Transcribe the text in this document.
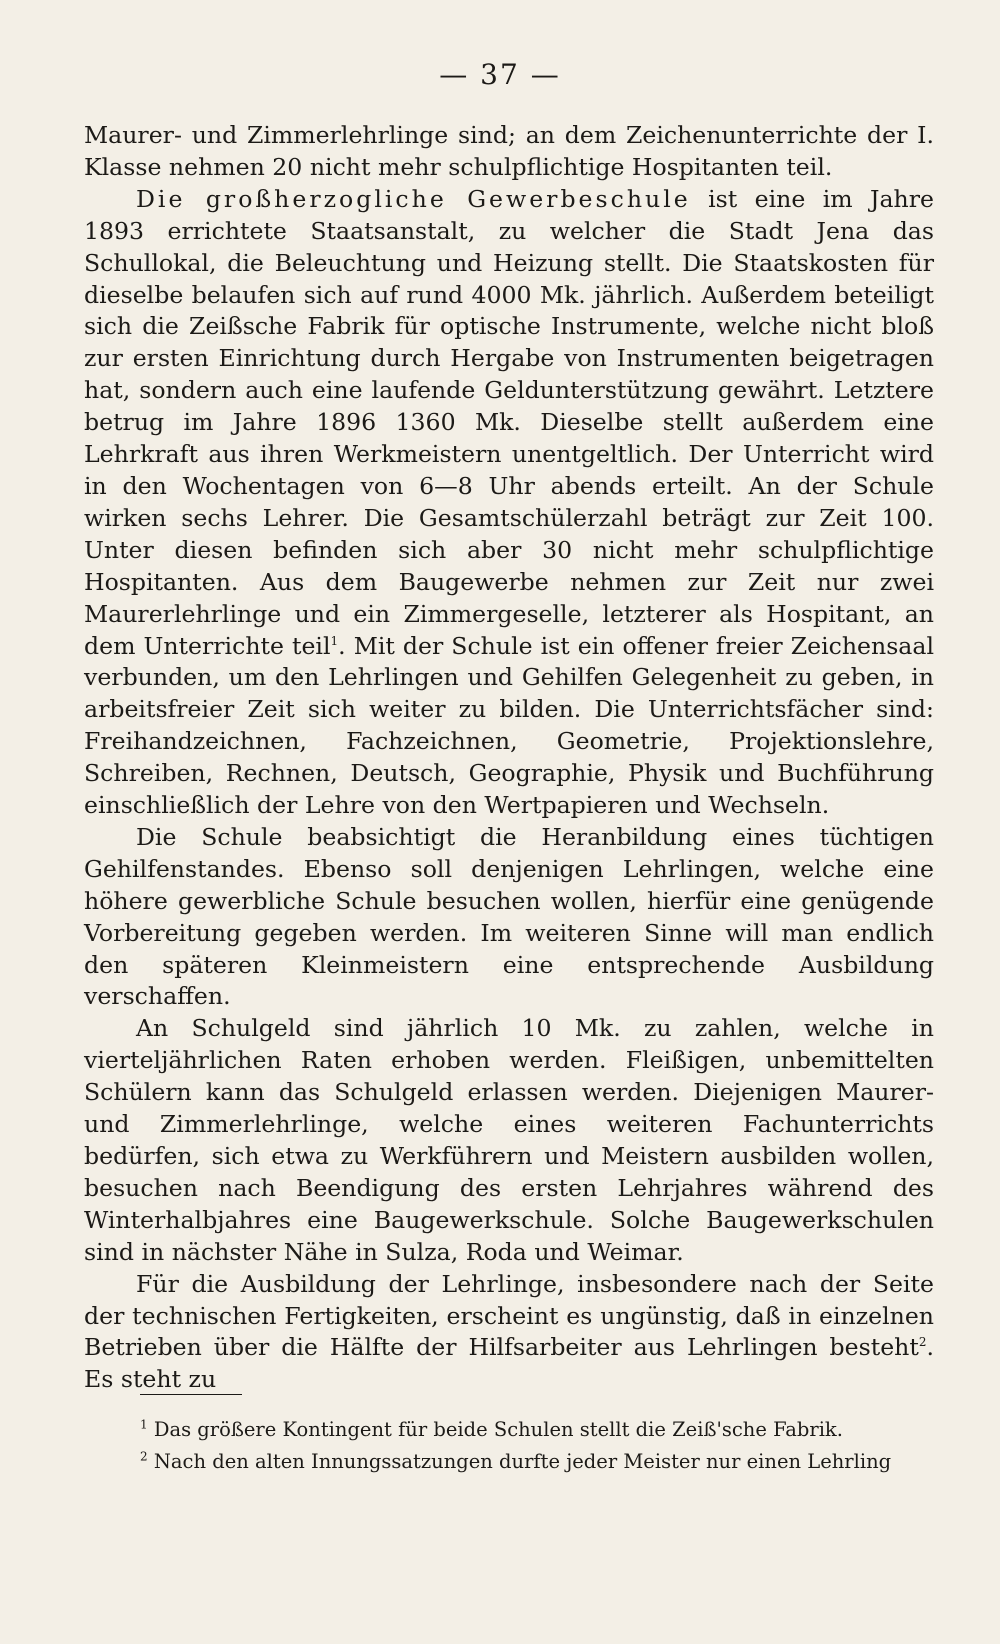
— 37 —

Maurer- und Zimmerlehrlinge sind; an dem Zeichenunterrichte der I. Klasse nehmen 20 nicht mehr schulpflichtige Hospitanten teil.

Die großherzogliche Gewerbeschule ist eine im Jahre 1893 errichtete Staatsanstalt, zu welcher die Stadt Jena das Schullokal, die Beleuchtung und Heizung stellt. Die Staatskosten für dieselbe belaufen sich auf rund 4000 Mk. jährlich. Außerdem beteiligt sich die Zeißsche Fabrik für optische Instrumente, welche nicht bloß zur ersten Einrichtung durch Hergabe von Instrumenten beigetragen hat, sondern auch eine laufende Geldunterstützung gewährt. Letztere betrug im Jahre 1896 1360 Mk. Dieselbe stellt außerdem eine Lehrkraft aus ihren Werkmeistern unentgeltlich. Der Unterricht wird in den Wochentagen von 6—8 Uhr abends erteilt. An der Schule wirken sechs Lehrer. Die Gesamtschülerzahl beträgt zur Zeit 100. Unter diesen befinden sich aber 30 nicht mehr schulpflichtige Hospitanten. Aus dem Baugewerbe nehmen zur Zeit nur zwei Maurerlehrlinge und ein Zimmergeselle, letzterer als Hospitant, an dem Unterrichte teil$^1$. Mit der Schule ist ein offener freier Zeichensaal verbunden, um den Lehrlingen und Gehilfen Gelegenheit zu geben, in arbeitsfreier Zeit sich weiter zu bilden. Die Unterrichtsfächer sind: Freihandzeichnen, Fachzeichnen, Geometrie, Projektionslehre, Schreiben, Rechnen, Deutsch, Geographie, Physik und Buchführung einschließlich der Lehre von den Wertpapieren und Wechseln.

Die Schule beabsichtigt die Heranbildung eines tüchtigen Gehilfenstandes. Ebenso soll denjenigen Lehrlingen, welche eine höhere gewerbliche Schule besuchen wollen, hierfür eine genügende Vorbereitung gegeben werden. Im weiteren Sinne will man endlich den späteren Kleinmeistern eine entsprechende Ausbildung verschaffen.

An Schulgeld sind jährlich 10 Mk. zu zahlen, welche in vierteljährlichen Raten erhoben werden. Fleißigen, unbemittelten Schülern kann das Schulgeld erlassen werden. Diejenigen Maurer- und Zimmerlehrlinge, welche eines weiteren Fachunterrichts bedürfen, sich etwa zu Werkführern und Meistern ausbilden wollen, besuchen nach Beendigung des ersten Lehrjahres während des Winterhalbjahres eine Baugewerkschule. Solche Baugewerkschulen sind in nächster Nähe in Sulza, Roda und Weimar.

Für die Ausbildung der Lehrlinge, insbesondere nach der Seite der technischen Fertigkeiten, erscheint es ungünstig, daß in einzelnen Betrieben über die Hälfte der Hilfsarbeiter aus Lehrlingen besteht$^2$. Es steht zu

$^1$ Das größere Kontingent für beide Schulen stellt die Zeiß'sche Fabrik.

$^2$ Nach den alten Innungssatzungen durfte jeder Meister nur einen Lehrling
